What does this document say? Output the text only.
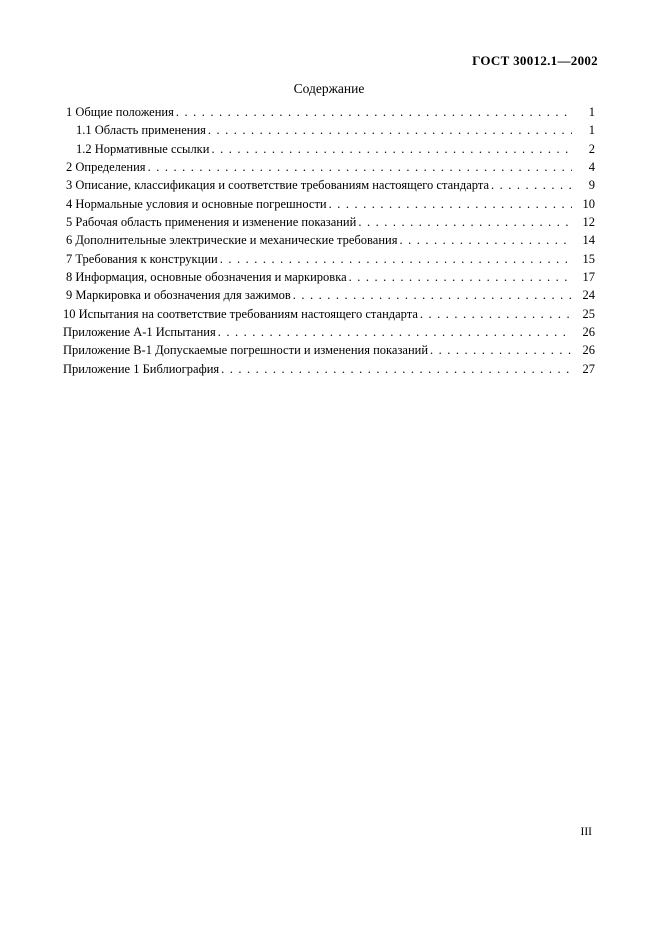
ГОСТ 30012.1—2002
Содержание
1 Общие положения .....	1
1.1 Область применения .....	1
1.2 Нормативные ссылки .....	2
2 Определения .....	4
3 Описание, классификация и соответствие требованиям настоящего стандарта .....	9
4 Нормальные условия и основные погрешности .....	10
5 Рабочая область применения и изменение показаний .....	12
6 Дополнительные электрические и механические требования .....	14
7 Требования к конструкции .....	15
8 Информация, основные обозначения и маркировка .....	17
9 Маркировка и обозначения для зажимов .....	24
10 Испытания на соответствие требованиям настоящего стандарта .....	25
Приложение А-1 Испытания .....	26
Приложение В-1 Допускаемые погрешности и изменения показаний .....	26
Приложение 1 Библиография .....	27
III
